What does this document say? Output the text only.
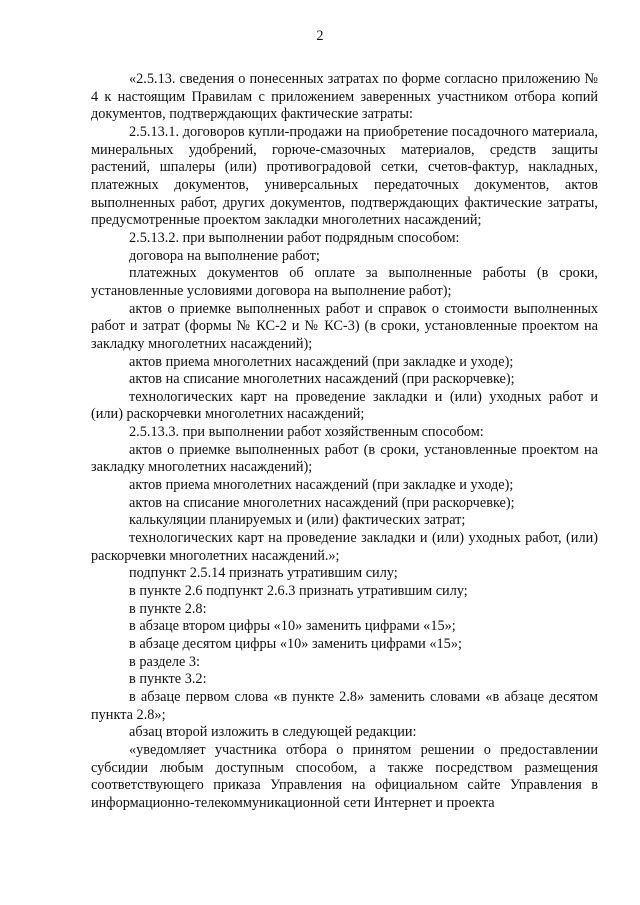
2

«2.5.13. сведения о понесенных затратах по форме согласно приложению № 4 к настоящим Правилам с приложением заверенных участником отбора копий документов, подтверждающих фактические затраты:

2.5.13.1. договоров купли-продажи на приобретение посадочного материала, минеральных удобрений, горюче-смазочных материалов, средств защиты растений, шпалеры (или) противоградовой сетки, счетов-фактур, накладных, платежных документов, универсальных передаточных документов, актов выполненных работ, других документов, подтверждающих фактические затраты, предусмотренные проектом закладки многолетних насаждений;

2.5.13.2. при выполнении работ подрядным способом:

договора на выполнение работ;

платежных документов об оплате за выполненные работы (в сроки, установленные условиями договора на выполнение работ);

актов о приемке выполненных работ и справок о стоимости выполненных работ и затрат (формы № КС-2 и № КС-3) (в сроки, установленные проектом на закладку многолетних насаждений);

актов приема многолетних насаждений (при закладке и уходе);

актов на списание многолетних насаждений (при раскорчевке);

технологических карт на проведение закладки и (или) уходных работ и (или) раскорчевки многолетних насаждений;

2.5.13.3. при выполнении работ хозяйственным способом:

актов о приемке выполненных работ (в сроки, установленные проектом на закладку многолетних насаждений);

актов приема многолетних насаждений (при закладке и уходе);

актов на списание многолетних насаждений (при раскорчевке);

калькуляции планируемых и (или) фактических затрат;

технологических карт на проведение закладки и (или) уходных работ, (или) раскорчевки многолетних насаждений.»;

подпункт 2.5.14 признать утратившим силу;

в пункте 2.6 подпункт 2.6.3 признать утратившим силу;

в пункте 2.8:

в абзаце втором цифры «10» заменить цифрами «15»;

в абзаце десятом цифры «10» заменить цифрами «15»;

в разделе 3:

в пункте 3.2:

в абзаце первом слова «в пункте 2.8» заменить словами «в абзаце десятом пункта 2.8»;

абзац второй изложить в следующей редакции:

«уведомляет участника отбора о принятом решении о предоставлении субсидии любым доступным способом, а также посредством размещения соответствующего приказа Управления на официальном сайте Управления в информационно-телекоммуникационной сети Интернет и проекта
